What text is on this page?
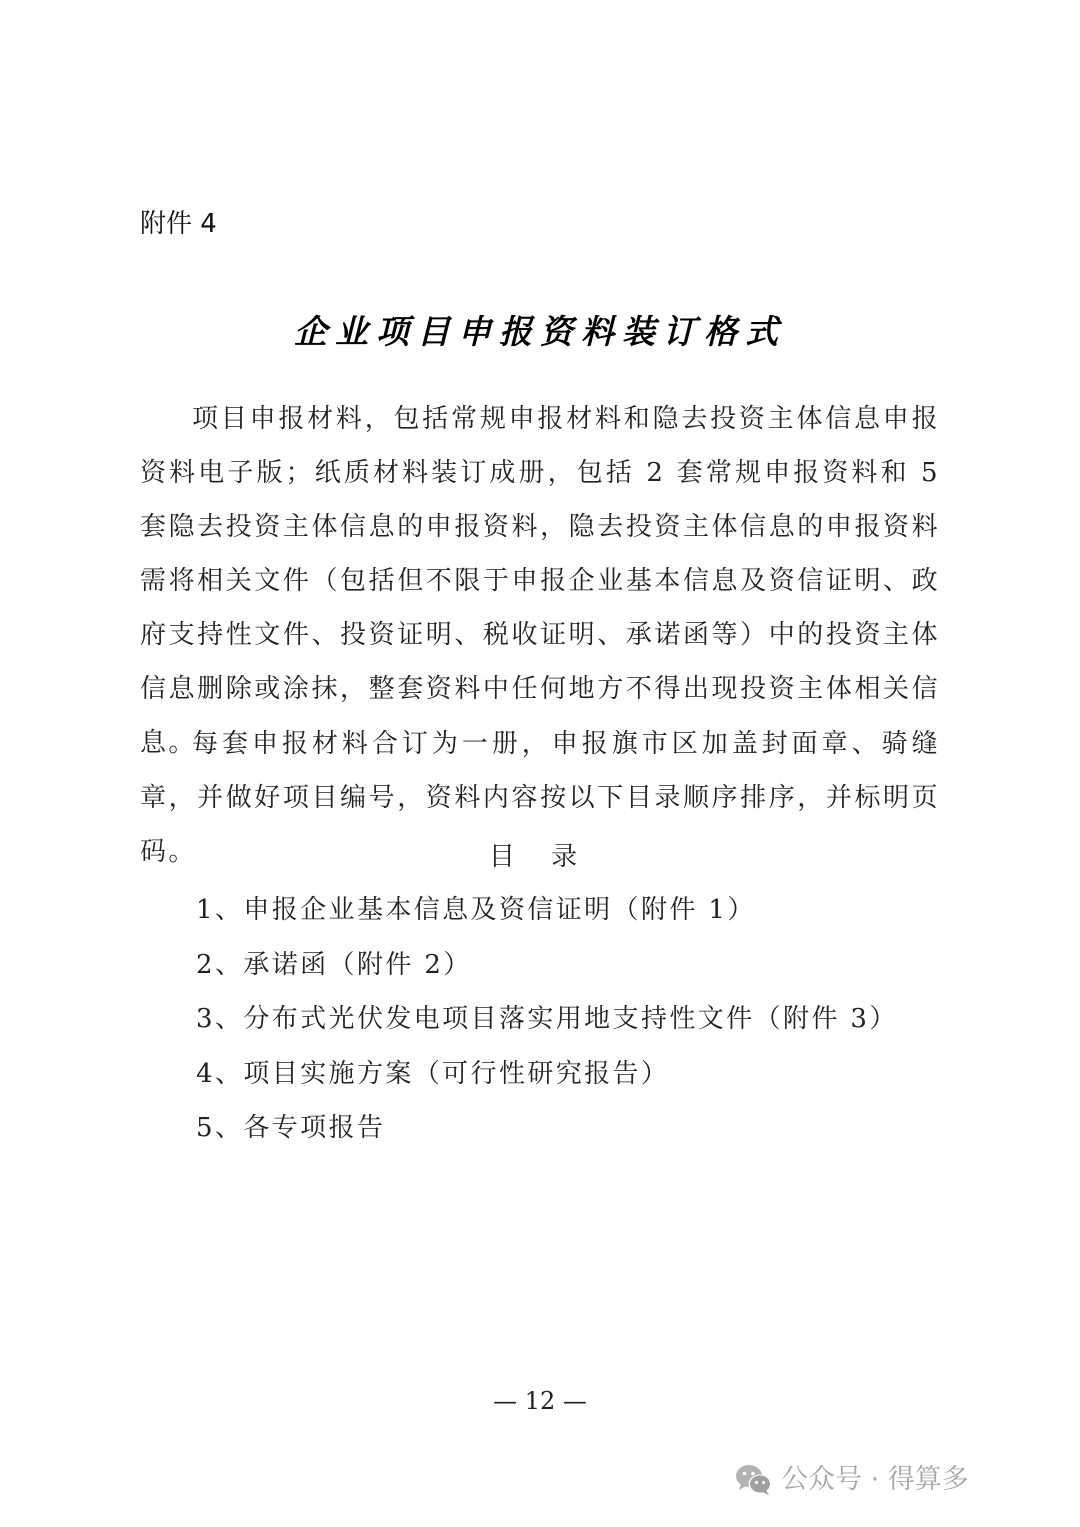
附件 4
企业项目申报资料装订格式

项目申报材料，包括常规申报材料和隐去投资主体信息申报资料电子版；纸质材料装订成册，包括 2 套常规申报资料和 5 套隐去投资主体信息的申报资料，隐去投资主体信息的申报资料需将相关文件（包括但不限于申报企业基本信息及资信证明、政府支持性文件、投资证明、税收证明、承诺函等）中的投资主体信息删除或涂抹，整套资料中任何地方不得出现投资主体相关信息。

每套申报材料合订为一册，申报旗市区加盖封面章、骑缝章，并做好项目编号，资料内容按以下目录顺序排序，并标明页码。	目 录
1、申报企业基本信息及资信证明（附件 1）
2、承诺函（附件 2）
3、分布式光伏发电项目落实用地支持性文件（附件 3）
4、项目实施方案（可行性研究报告）
5、各专项报告
— 12 —
公众号 · 得算多
